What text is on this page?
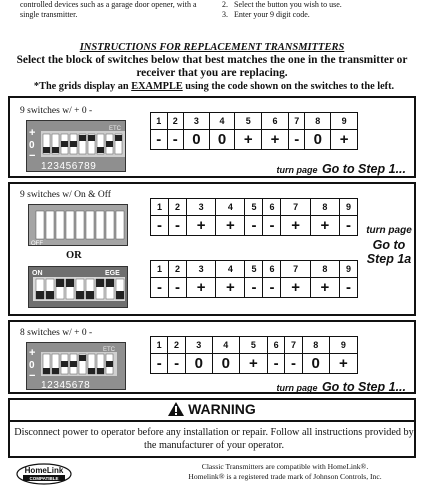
controlled devices such as a garage door opener, with a single transmitter.
2. Select the button you wish to use.
3. Enter your 9 digit code.
INSTRUCTIONS FOR REPLACEMENT TRANSMITTERS
Select the block of switches below that best matches the one in the transmitter or receiver that you are replacing.
*The grids display an EXAMPLE using the code shown on the switches to the left.
9 switches w/ + 0 -
+
0
−
ETC
123456789
1	2	3	4	5	6	7	8	9
-	-	0	0	+	+	-	0	+
turn page Go to Step 1...
9 switches w/ On & Off
OFF
OR
ON	EGE
1	2	3	4	5	6	7	8	9
-	-	+	+	-	-	+	+	-
1	2	3	4	5	6	7	8	9
-	-	+	+	-	-	+	+	-
turn page
Go to
Step 1a
8 switches w/ + 0 -
+
0
−
ETC
12345678
1	2	3	4	5	6	7	8	9
-	-	0	0	+	-	-	0	+
turn page Go to Step 1...
WARNING
Disconnect power to operator before any installation or repair. Follow all instructions provided by the manufacturer of your operator.
HomeLink
COMPATIBLE
Classic Transmitters are compatible with HomeLink®.
Homelink® is a registered trade mark of Johnson Controls, Inc.
